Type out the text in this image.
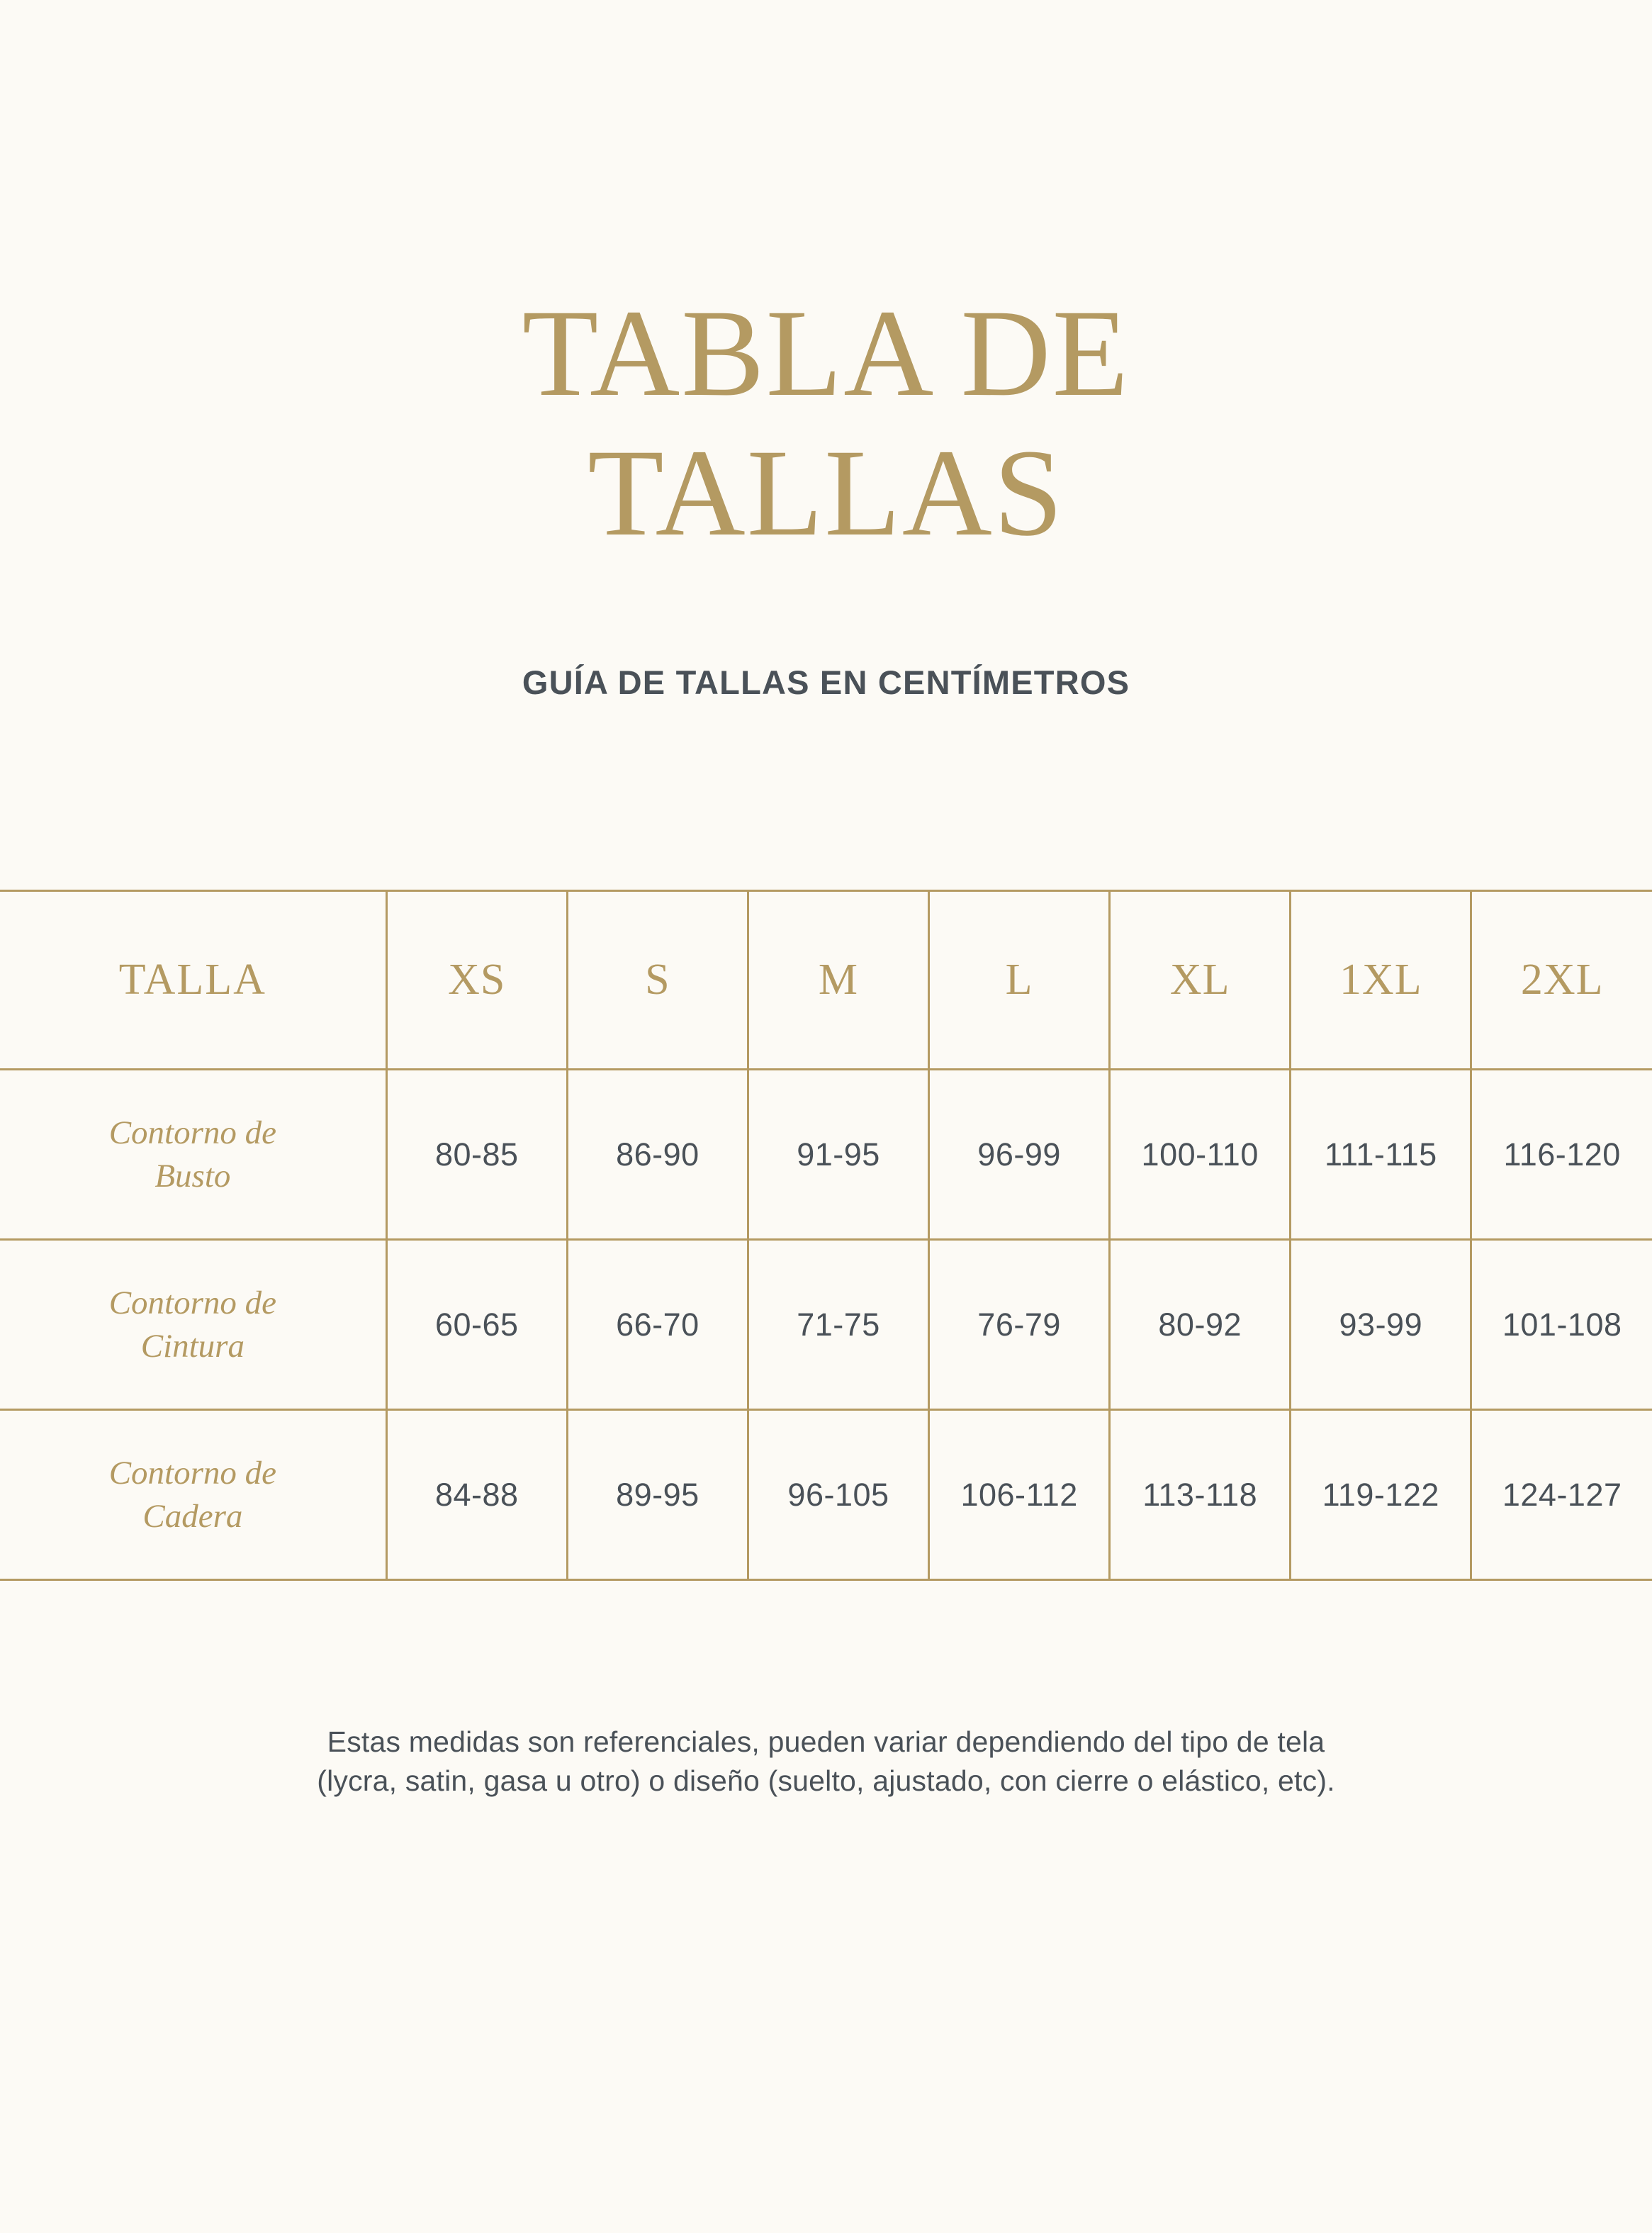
TABLA DE
TALLAS
GUÍA DE TALLAS EN CENTÍMETROS
TALLA	XS	S	M	L	XL	1XL	2XL
Contorno de
Busto	80-85	86-90	91-95	96-99	100-110	111-115	116-120
Contorno de
Cintura	60-65	66-70	71-75	76-79	80-92	93-99	101-108
Contorno de
Cadera	84-88	89-95	96-105	106-112	113-118	119-122	124-127
Estas medidas son referenciales, pueden variar dependiendo del tipo de tela
(lycra, satin, gasa u otro) o diseño (suelto, ajustado, con cierre o elástico, etc).
